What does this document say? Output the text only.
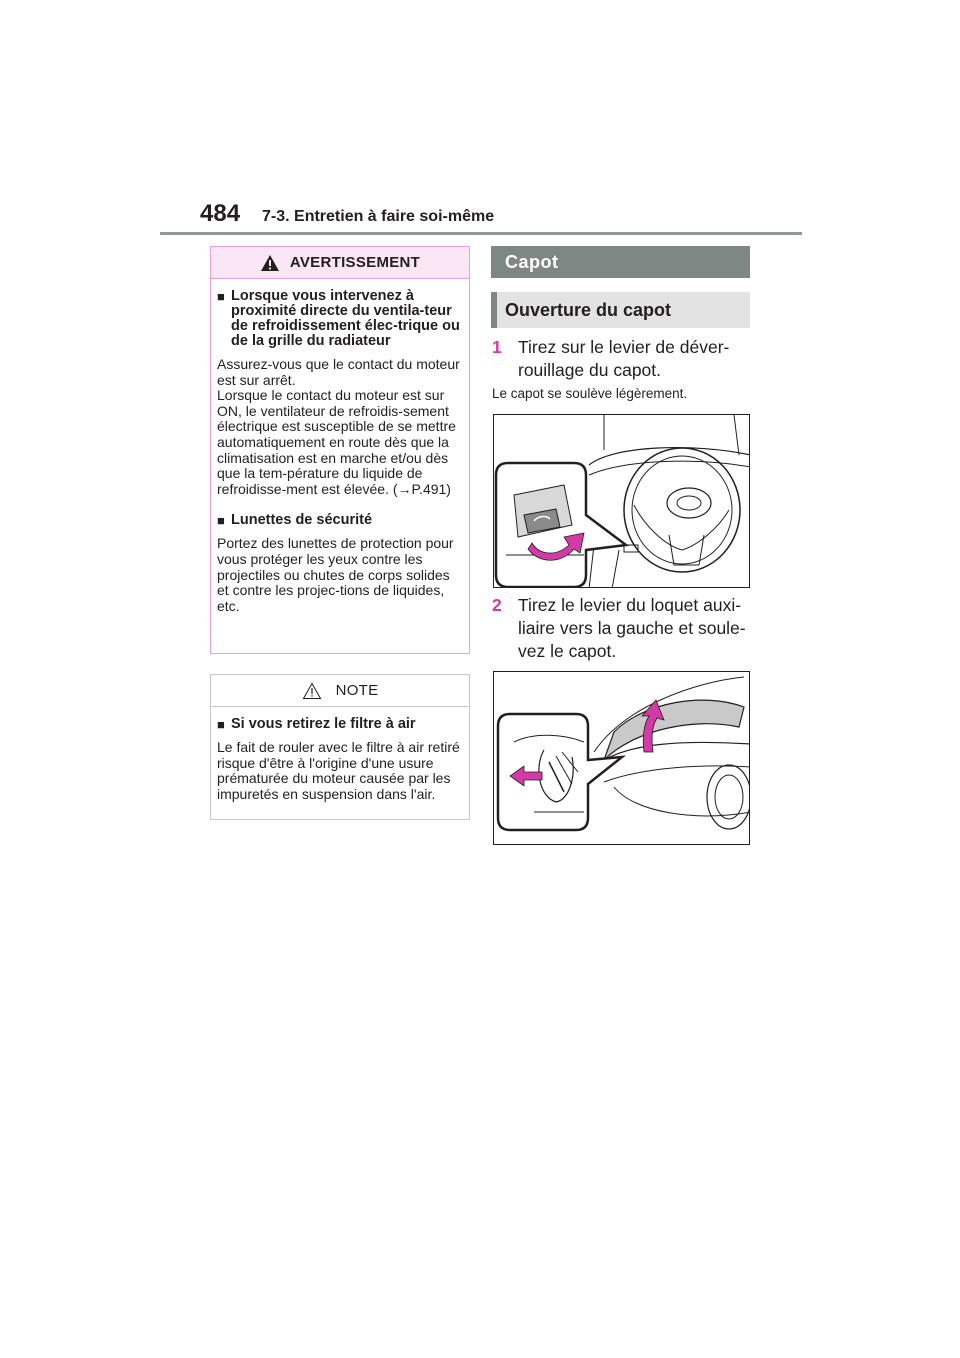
484 7-3. Entretien à faire soi-même
AVERTISSEMENT
■ Lorsque vous intervenez à proximité directe du ventila-teur de refroidissement élec-trique ou de la grille du radiateur
Assurez-vous que le contact du moteur est sur arrêt.
Lorsque le contact du moteur est sur ON, le ventilateur de refroidis-sement électrique est susceptible de se mettre automatiquement en route dès que la climatisation est en marche et/ou dès que la tem-pérature du liquide de refroidisse-ment est élevée. (→P.491)
■ Lunettes de sécurité
Portez des lunettes de protection pour vous protéger les yeux contre les projectiles ou chutes de corps solides et contre les projec-tions de liquides, etc.
NOTE
■ Si vous retirez le filtre à air
Le fait de rouler avec le filtre à air retiré risque d'être à l'origine d'une usure prématurée du moteur causée par les impuretés en suspension dans l'air.
Capot
Ouverture du capot
1 Tirez sur le levier de déver-
rouillage du capot.
Le capot se soulève légèrement.
2 Tirez le levier du loquet auxi-
liaire vers la gauche et soule-
vez le capot.
